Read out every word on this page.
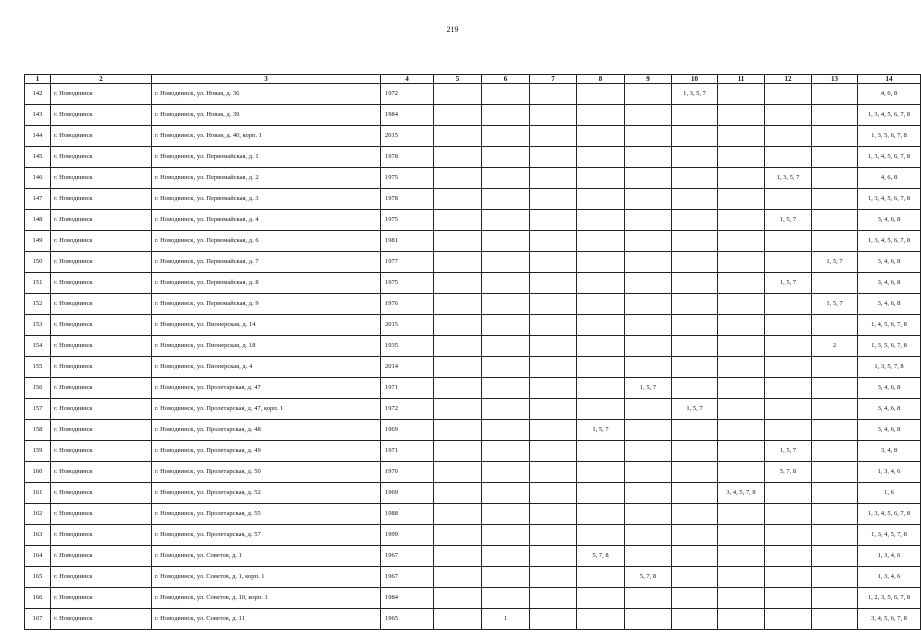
219
1	2	3	4	5	6	7	8	9	10	11	12	13	14
142	г. Новодвинск	г. Новодвинск, ул. Новая, д. 36	1972						1, 3, 5, 7				4, 6, 8
143	г. Новодвинск	г. Новодвинск, ул. Новая, д. 39	1984										1, 3, 4, 5, 6, 7, 8
144	г. Новодвинск	г. Новодвинск, ул. Новая, д. 40, корп. 1	2015										1, 3, 5, 6, 7, 8
145	г. Новодвинск	г. Новодвинск, ул. Первомайская, д. 1	1978										1, 3, 4, 5, 6, 7, 8
146	г. Новодвинск	г. Новодвинск, ул. Первомайская, д. 2	1975								1, 3, 5, 7		4, 6, 8
147	г. Новодвинск	г. Новодвинск, ул. Первомайская, д. 3	1978										1, 3, 4, 5, 6, 7, 8
148	г. Новодвинск	г. Новодвинск, ул. Первомайская, д. 4	1975								1, 5, 7		3, 4, 6, 8
149	г. Новодвинск	г. Новодвинск, ул. Первомайская, д. 6	1981										1, 3, 4, 5, 6, 7, 8
150	г. Новодвинск	г. Новодвинск, ул. Первомайская, д. 7	1977									1, 5, 7	3, 4, 6, 8
151	г. Новодвинск	г. Новодвинск, ул. Первомайская, д. 8	1975								1, 5, 7		3, 4, 6, 8
152	г. Новодвинск	г. Новодвинск, ул. Первомайская, д. 9	1976									1, 5, 7	3, 4, 6, 8
153	г. Новодвинск	г. Новодвинск, ул. Пионерская, д. 14	2015										1, 4, 5, 6, 7, 8
154	г. Новодвинск	г. Новодвинск, ул. Пионерская, д. 18	1935									2	1, 3, 5, 6, 7, 8
155	г. Новодвинск	г. Новодвинск, ул. Пионерская, д. 4	2014										1, 3, 5, 7, 8
156	г. Новодвинск	г. Новодвинск, ул. Пролетарская, д. 47	1971					1, 5, 7					3, 4, 6, 8
157	г. Новодвинск	г. Новодвинск, ул. Пролетарская, д. 47, корп. 1	1972						1, 5, 7				3, 4, 6, 8
158	г. Новодвинск	г. Новодвинск, ул. Пролетарская, д. 48	1969				1, 5, 7						3, 4, 6, 8
159	г. Новодвинск	г. Новодвинск, ул. Пролетарская, д. 49	1971								1, 5, 7		3, 4, 8
160	г. Новодвинск	г. Новодвинск, ул. Пролетарская, д. 50	1970								5, 7, 8		1, 3, 4, 6
161	г. Новодвинск	г. Новодвинск, ул. Пролетарская, д. 52	1969							3, 4, 5, 7, 8			1, 6
162	г. Новодвинск	г. Новодвинск, ул. Пролетарская, д. 55	1988										1, 3, 4, 5, 6, 7, 8
163	г. Новодвинск	г. Новодвинск, ул. Пролетарская, д. 57	1999										1, 3, 4, 5, 7, 8
164	г. Новодвинск	г. Новодвинск, ул. Советов, д. 1	1967				5, 7, 8						1, 3, 4, 6
165	г. Новодвинск	г. Новодвинск, ул. Советов, д. 1, корп. 1	1967					5, 7, 8					1, 3, 4, 6
166	г. Новодвинск	г. Новодвинск, ул. Советов, д. 10, корп. 1	1984										1, 2, 3, 5, 6, 7, 8
167	г. Новодвинск	г. Новодвинск, ул. Советов, д. 11	1965		1								3, 4, 5, 6, 7, 8
